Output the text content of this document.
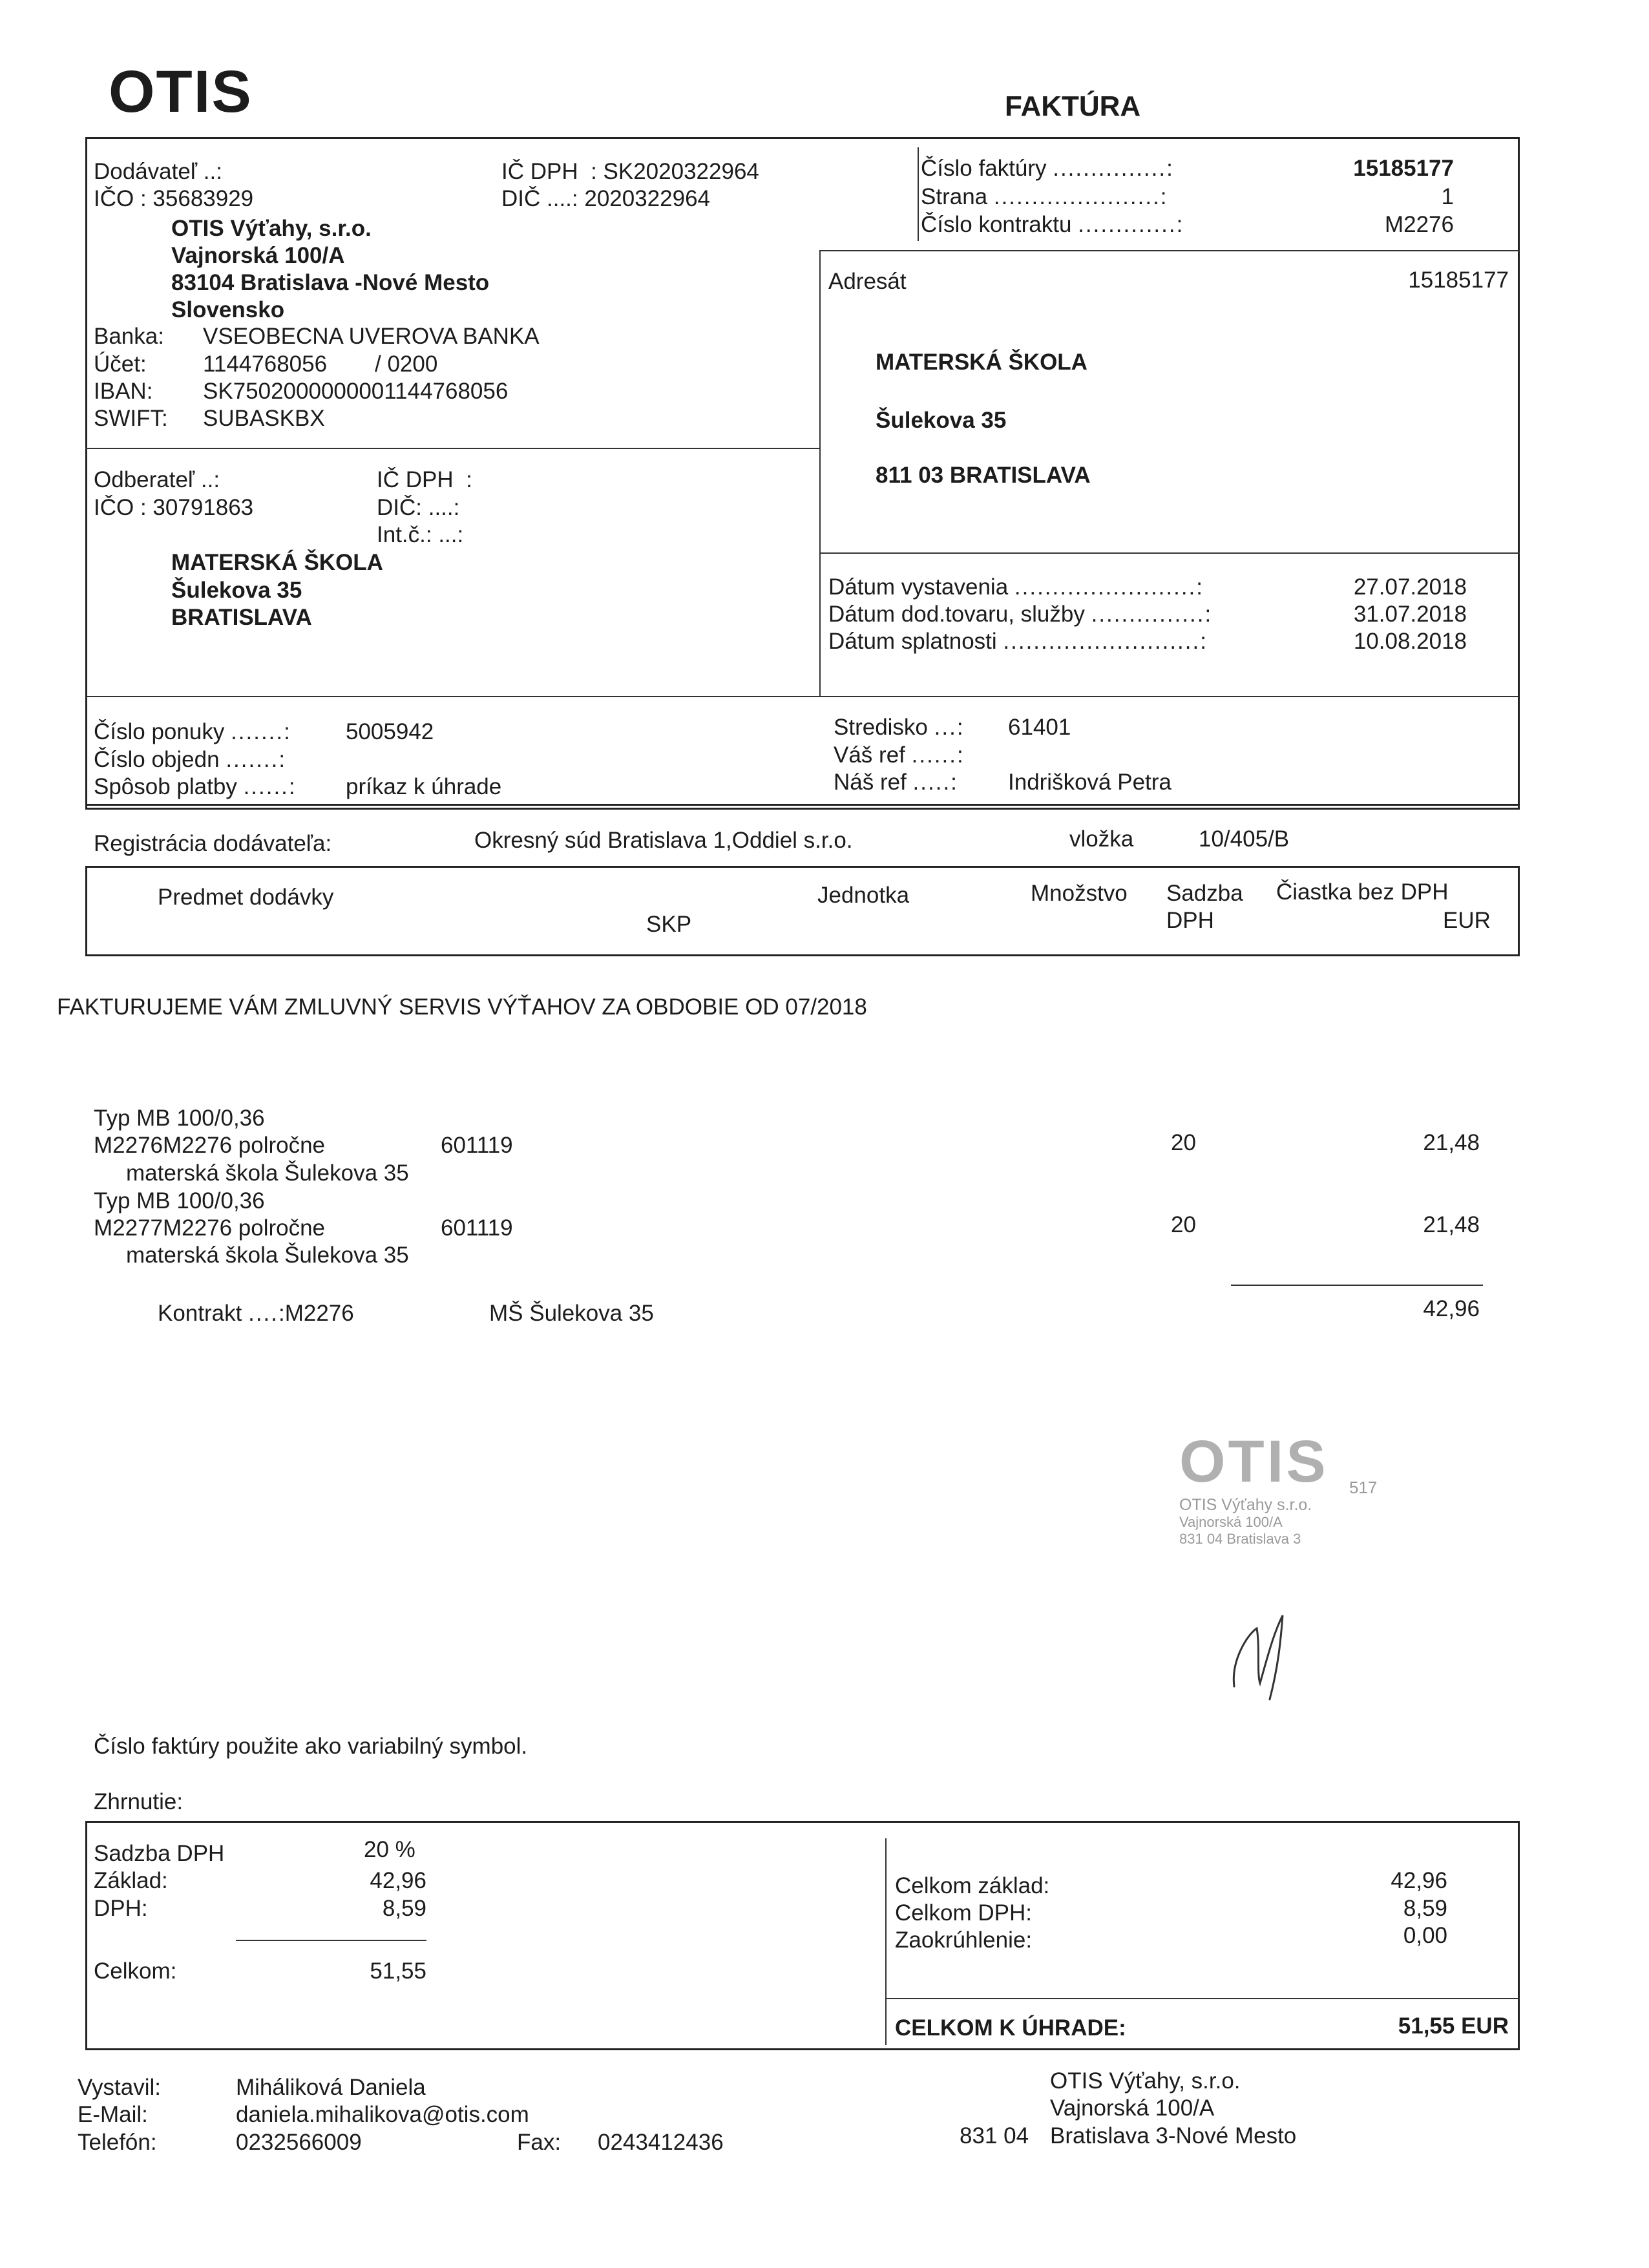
OTIS	FAKTÚRA
Dodávateľ ..:
IČO : 35683929
IČ DPH  : SK2020322964
DIČ ....: 2020322964
OTIS Výťahy, s.r.o.
Vajnorská 100/A
83104 Bratislava -Nové Mesto
Slovensko
Banka: VSEOBECNA UVEROVA BANKA
Účet: 1144768056 / 0200
IBAN: SK7502000000001144768056
SWIFT: SUBASKBX
Číslo faktúry ...............:	15185177
Strana ......................:	1
Číslo kontraktu .............:	M2276
Adresát	15185177
MATERSKÁ ŠKOLA
Šulekova 35
811 03 BRATISLAVA
Odberateľ ..:
IČO : 30791863
IČ DPH  :
DIČ: ....:
Int.č.: ...:
MATERSKÁ ŠKOLA
Šulekova 35
BRATISLAVA
Dátum vystavenia ........................:	27.07.2018
Dátum dod.tovaru, služby ...............:	31.07.2018
Dátum splatnosti ..........................:	10.08.2018
Číslo ponuky .......: 5005942
Číslo objedn .......:
Spôsob platby ......: príkaz k úhrade
Stredisko ...: 61401
Váš ref ......:
Náš ref .....: Indrišková Petra
Registrácia dodávateľa:	Okresný súd Bratislava 1,Oddiel s.r.o.	vložka	10/405/B
Predmet dodávky
SKP
Jednotka	Množstvo Sadzba
DPH
Čiastka bez DPH
EUR
FAKTURUJEME VÁM ZMLUVNÝ SERVIS VÝŤAHOV ZA OBDOBIE OD 07/2018
Typ MB 100/0,36
M2276M2276 polročne	601119
materská škola Šulekova 35
20	21,48
Typ MB 100/0,36
M2277M2276 polročne	601119
materská škola Šulekova 35
20	21,48
Kontrakt ....:M2276	MŠ Šulekova 35	42,96
OTIS 517
OTIS Výťahy s.r.o.
Vajnorská 100/A
831 04 Bratislava 3
Číslo faktúry použite ako variabilný symbol.
Zhrnutie:
Sadzba DPH	20 %
Základ:	42,96
DPH:	8,59
Celkom:	51,55
Celkom základ:	42,96
Celkom DPH:	8,59
Zaokrúhlenie:	0,00
CELKOM K ÚHRADE:	51,55 EUR
Vystavil:	Miháliková Daniela
E-Mail:	daniela.mihalikova@otis.com
Telefón:	0232566009	Fax: 0243412436
OTIS Výťahy, s.r.o.
Vajnorská 100/A
831 04 Bratislava 3-Nové Mesto
